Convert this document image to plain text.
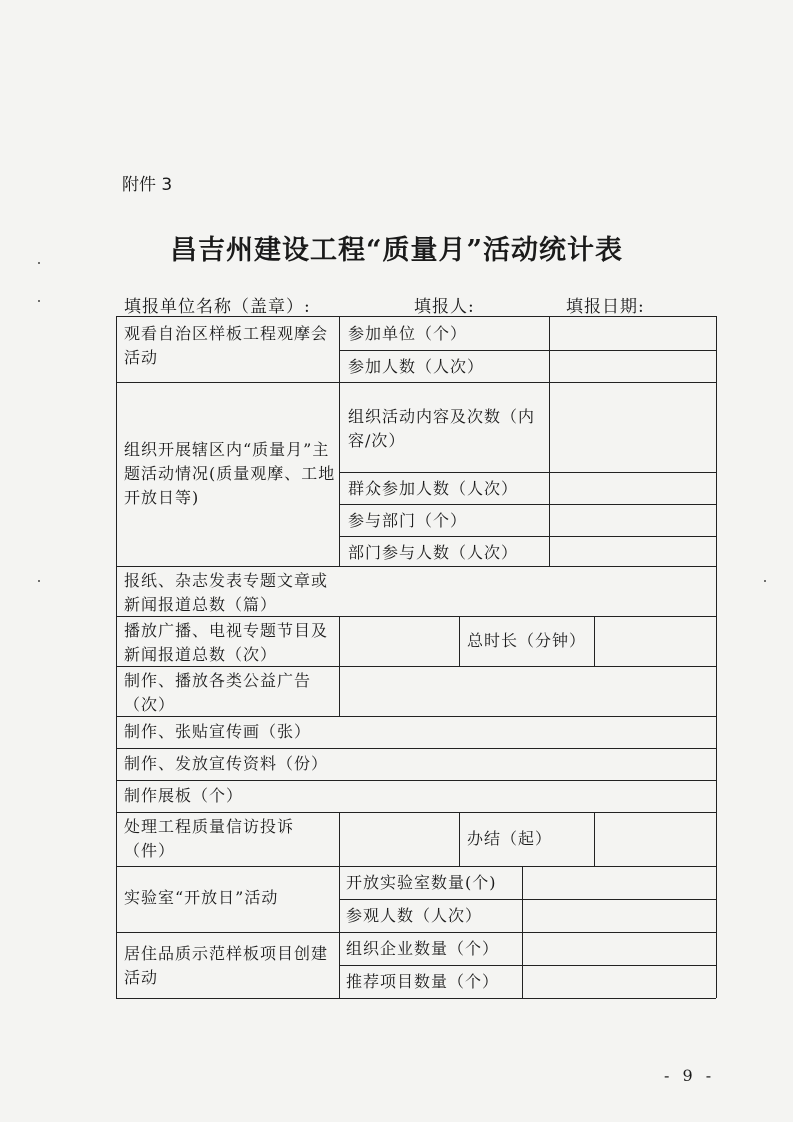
附件 3
昌吉州建设工程“质量月”活动统计表
填报单位名称（盖章）:	填报人:	填报日期:
观看自治区样板工程观摩会活动
参加单位（个）
参加人数（人次）
组织开展辖区内“质量月”主题活动情况(质量观摩、工地开放日等)
组织活动内容及次数（内容/次）
群众参加人数（人次）
参与部门（个）
部门参与人数（人次）
报纸、杂志发表专题文章或新闻报道总数（篇）
播放广播、电视专题节目及新闻报道总数（次）
总时长（分钟）
制作、播放各类公益广告（次）
制作、张贴宣传画（张）
制作、发放宣传资料（份）
制作展板（个）
处理工程质量信访投诉（件）
办结（起）
实验室“开放日”活动
开放实验室数量(个)
参观人数（人次）
居住品质示范样板项目创建活动
组织企业数量（个）
推荐项目数量（个）
- 9 -
